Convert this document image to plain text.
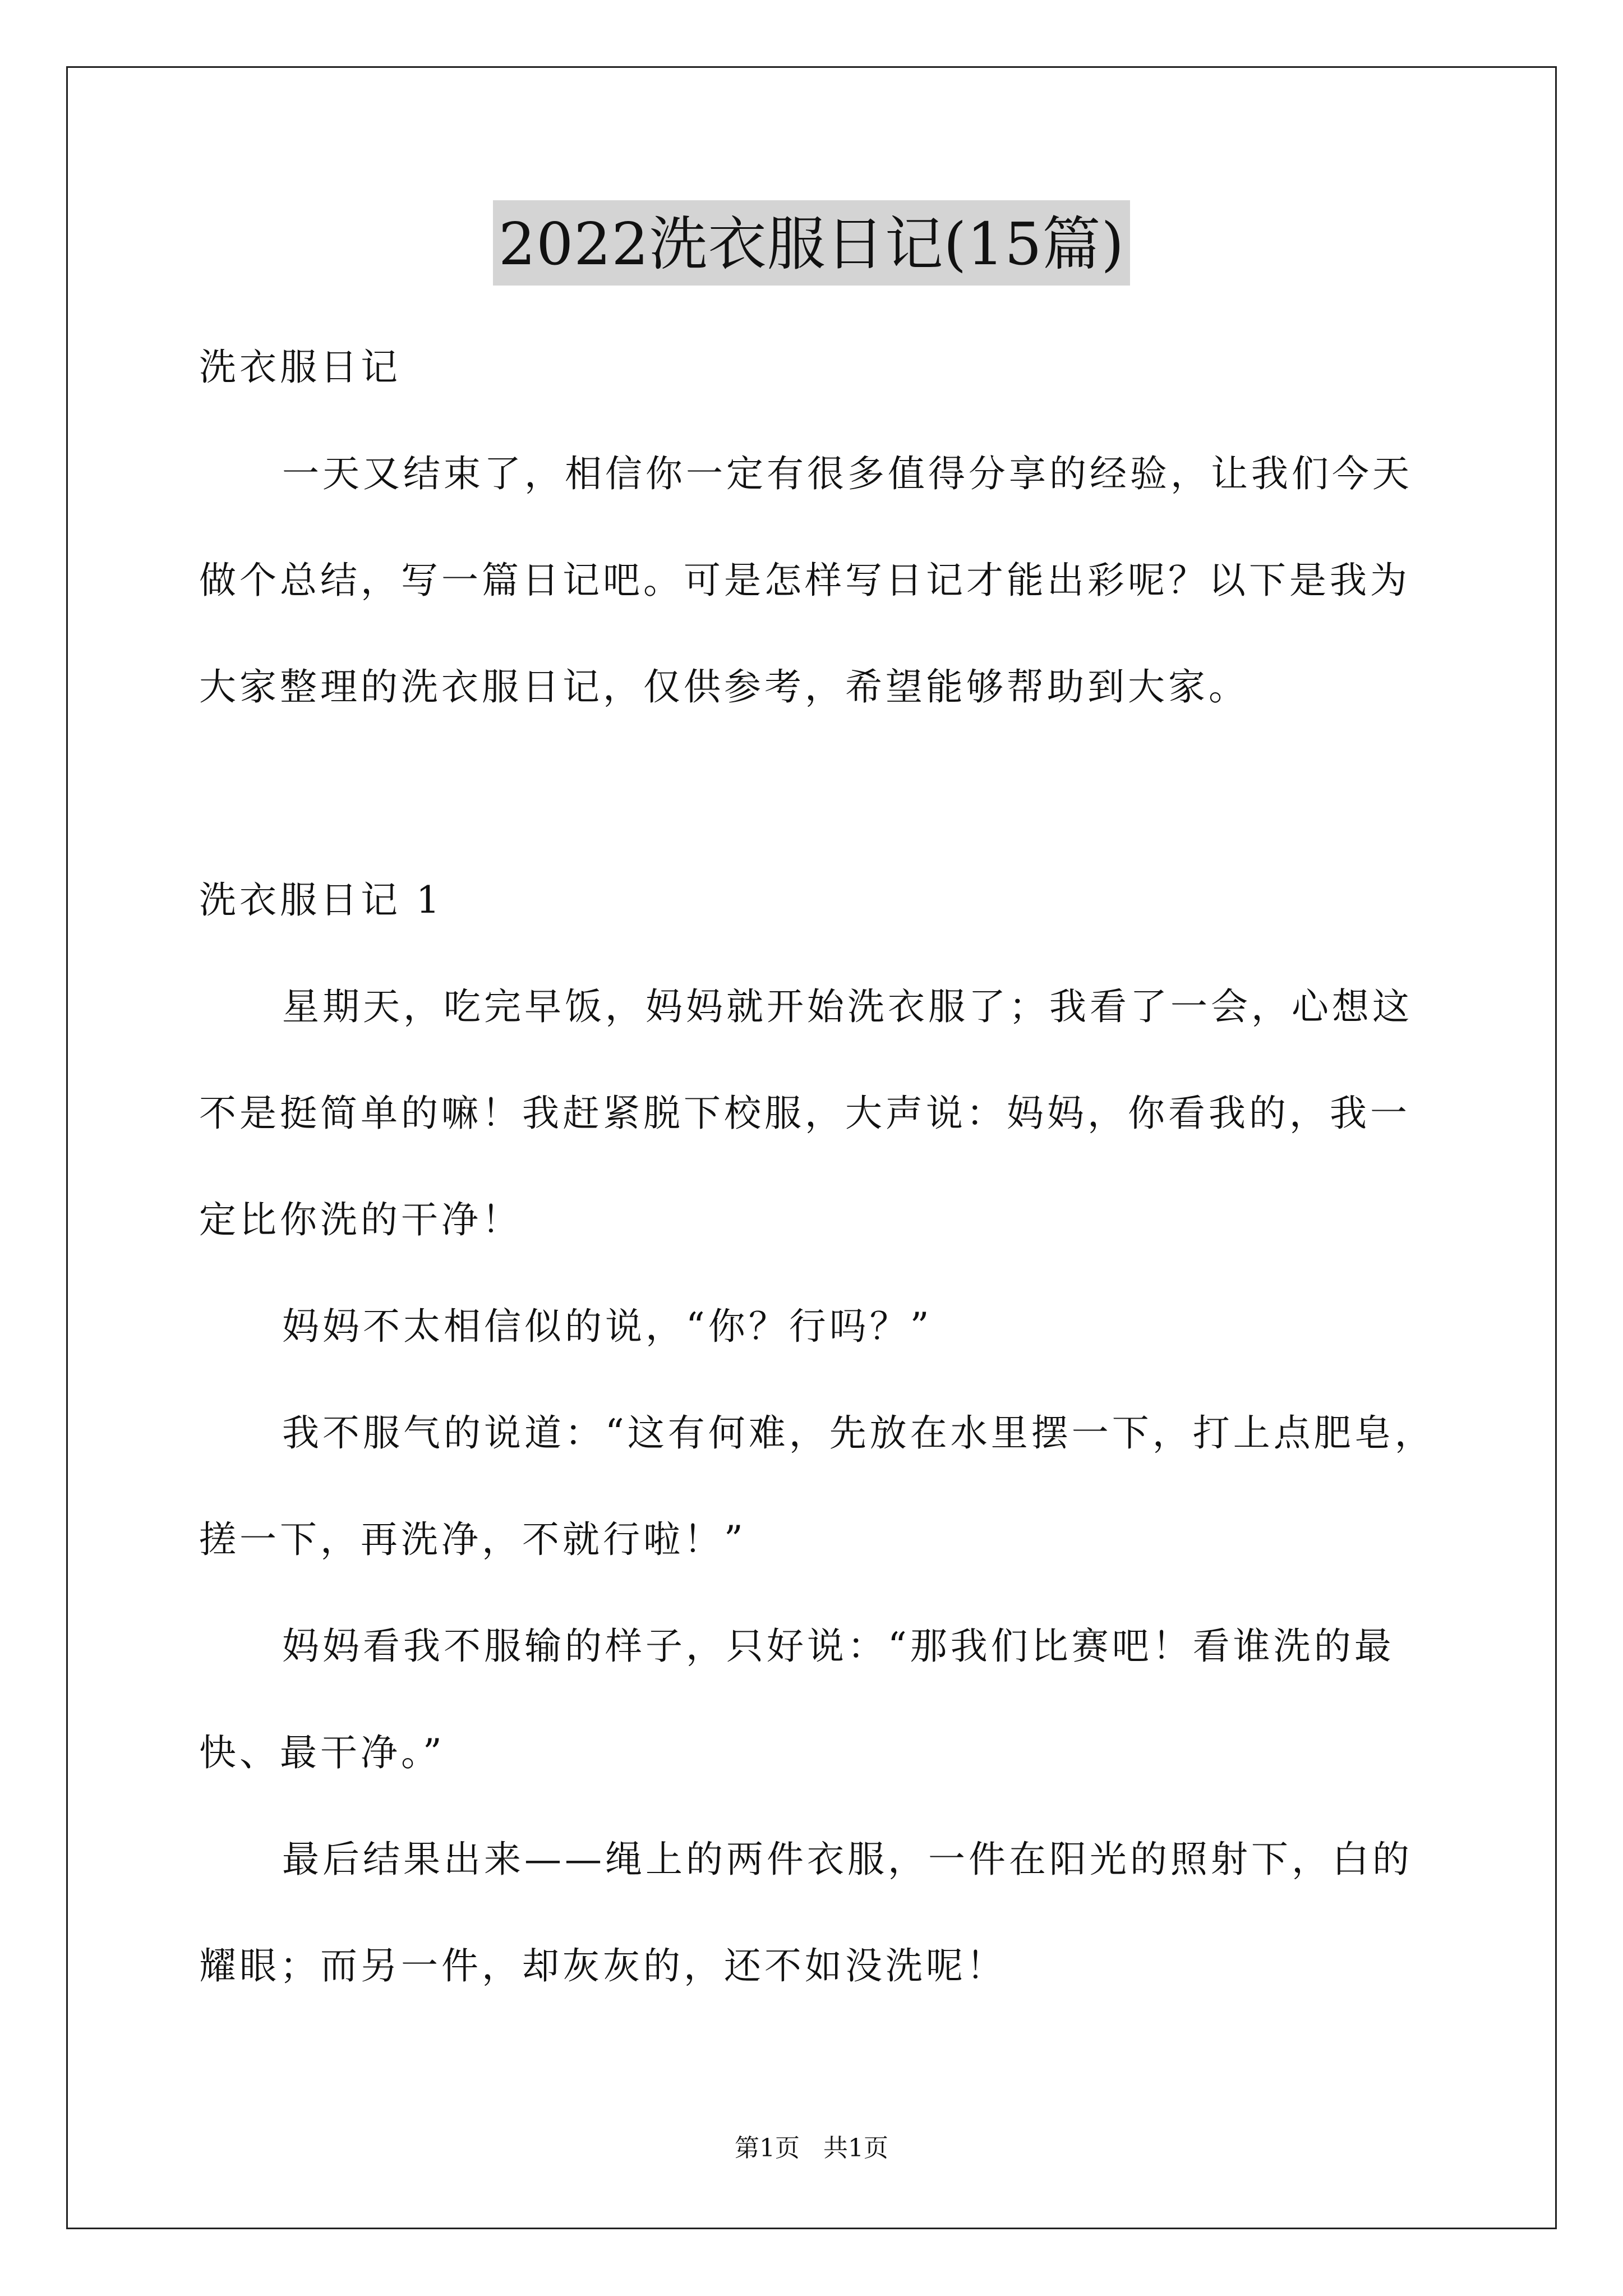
2022洗衣服日记(15篇)
洗衣服日记
一天又结束了，相信你一定有很多值得分享的经验，让我们今天
做个总结，写一篇日记吧。可是怎样写日记才能出彩呢？以下是我为
大家整理的洗衣服日记，仅供参考，希望能够帮助到大家。
洗衣服日记 1
星期天，吃完早饭，妈妈就开始洗衣服了；我看了一会，心想这
不是挺简单的嘛！我赶紧脱下校服，大声说：妈妈，你看我的，我一
定比你洗的干净！
妈妈不太相信似的说，“你？行吗？”
我不服气的说道：“这有何难，先放在水里摆一下，打上点肥皂，
搓一下，再洗净，不就行啦！”
妈妈看我不服输的样子，只好说：“那我们比赛吧！看谁洗的最
快、最干净。”
最后结果出来——绳上的两件衣服，一件在阳光的照射下，白的
耀眼；而另一件，却灰灰的，还不如没洗呢！
第1页 共1页
